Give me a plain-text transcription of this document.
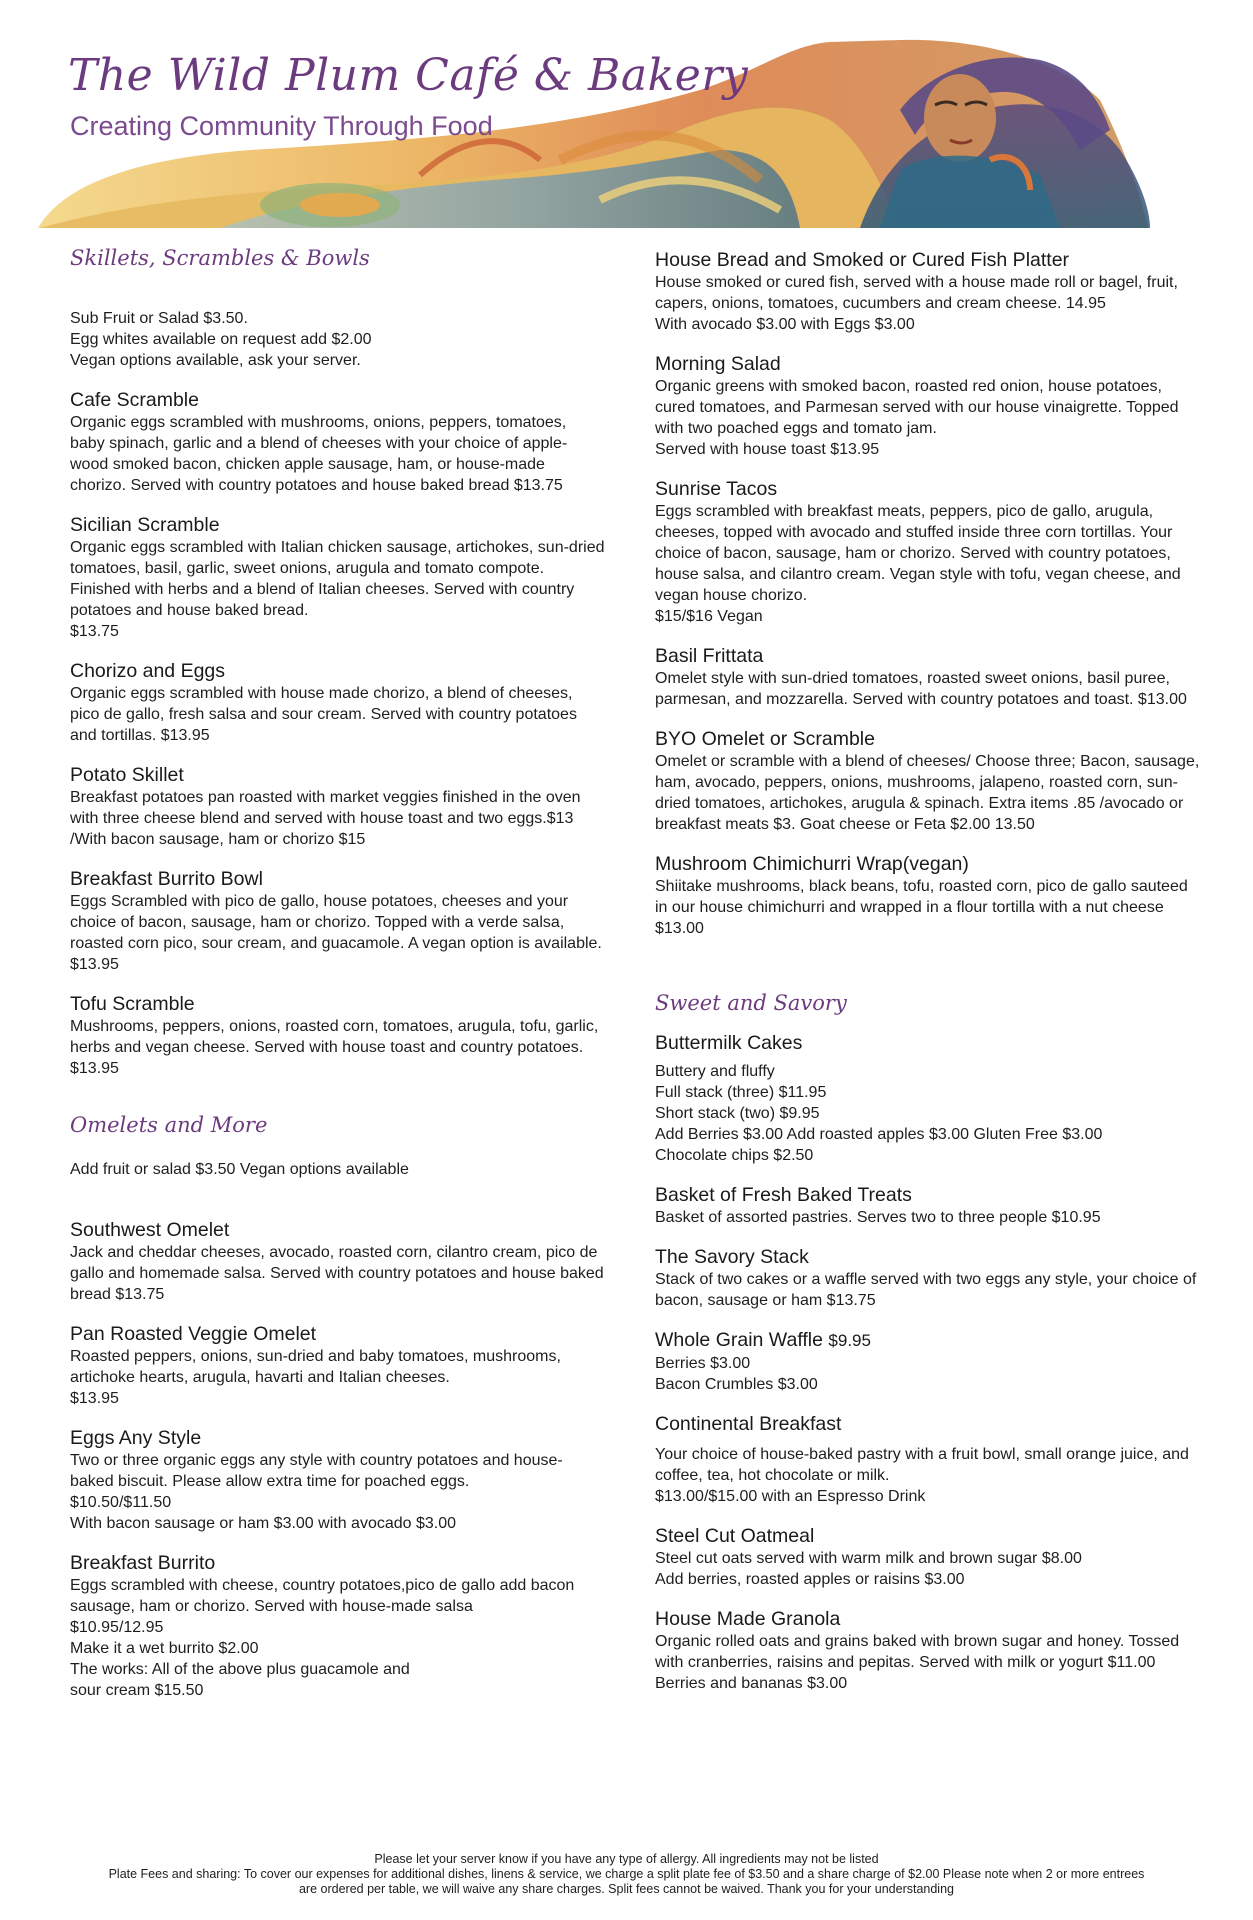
The Wild Plum Café & Bakery
Creating Community Through Food
Skillets, Scrambles & Bowls
Sub Fruit or Salad $3.50.
Egg whites available on request add $2.00
Vegan options available, ask your server.
Cafe Scramble

Organic eggs scrambled with mushrooms, onions, peppers, tomatoes, baby spinach, garlic and a blend of cheeses with your choice of apple-wood smoked bacon, chicken apple sausage, ham, or house-made chorizo. Served with country potatoes and house baked bread $13.75

Sicilian Scramble

Organic eggs scrambled with Italian chicken sausage, artichokes, sun-dried tomatoes, basil, garlic, sweet onions, arugula and tomato compote. Finished with herbs and a blend of Italian cheeses. Served with country potatoes and house baked bread.

$13.75

Chorizo and Eggs

Organic eggs scrambled with house made chorizo, a blend of cheeses, pico de gallo, fresh salsa and sour cream. Served with country potatoes and tortillas. $13.95

Potato Skillet

Breakfast potatoes pan roasted with market veggies finished in the oven with three cheese blend and served with house toast and two eggs.$13 /With bacon sausage, ham or chorizo $15

Breakfast Burrito Bowl

Eggs Scrambled with pico de gallo, house potatoes, cheeses and your choice of bacon, sausage, ham or chorizo. Topped with a verde salsa, roasted corn pico, sour cream, and guacamole. A vegan option is available. $13.95

Tofu Scramble

Mushrooms, peppers, onions, roasted corn, tomatoes, arugula, tofu, garlic, herbs and vegan cheese. Served with house toast and country potatoes. $13.95

Omelets and More
Add fruit or salad $3.50 Vegan options available
Southwest Omelet

Jack and cheddar cheeses, avocado, roasted corn, cilantro cream, pico de gallo and homemade salsa. Served with country potatoes and house baked bread $13.75

Pan Roasted Veggie Omelet

Roasted peppers, onions, sun-dried and baby tomatoes, mushrooms, artichoke hearts, arugula, havarti and Italian cheeses.

$13.95

Eggs Any Style

Two or three organic eggs any style with country potatoes and house-baked biscuit. Please allow extra time for poached eggs.

$10.50/$11.50

With bacon sausage or ham $3.00 with avocado $3.00

Breakfast Burrito

Eggs scrambled with cheese, country potatoes,pico de gallo add bacon sausage, ham or chorizo. Served with house-made salsa

$10.95/12.95

Make it a wet burrito $2.00

The works: All of the above plus guacamole and

sour cream $15.50

House Bread and Smoked or Cured Fish Platter

House smoked or cured fish, served with a house made roll or bagel, fruit, capers, onions, tomatoes, cucumbers and cream cheese. 14.95

With avocado $3.00 with Eggs $3.00

Morning Salad

Organic greens with smoked bacon, roasted red onion, house potatoes, cured tomatoes, and Parmesan served with our house vinaigrette. Topped with two poached eggs and tomato jam.

Served with house toast $13.95

Sunrise Tacos

Eggs scrambled with breakfast meats, peppers, pico de gallo, arugula, cheeses, topped with avocado and stuffed inside three corn tortillas. Your choice of bacon, sausage, ham or chorizo. Served with country potatoes, house salsa, and cilantro cream. Vegan style with tofu, vegan cheese, and vegan house chorizo.

$15/$16 Vegan

Basil Frittata

Omelet style with sun-dried tomatoes, roasted sweet onions, basil puree, parmesan, and mozzarella. Served with country potatoes and toast. $13.00

BYO Omelet or Scramble

Omelet or scramble with a blend of cheeses/ Choose three; Bacon, sausage, ham, avocado, peppers, onions, mushrooms, jalapeno, roasted corn, sun-dried tomatoes, artichokes, arugula & spinach. Extra items .85 /avocado or breakfast meats $3. Goat cheese or Feta $2.00 13.50

Mushroom Chimichurri Wrap(vegan)

Shiitake mushrooms, black beans, tofu, roasted corn, pico de gallo sauteed in our house chimichurri and wrapped in a flour tortilla with a nut cheese $13.00

Sweet and Savory
Buttermilk Cakes

Buttery and fluffy

Full stack (three) $11.95

Short stack (two) $9.95

Add Berries $3.00 Add roasted apples $3.00 Gluten Free $3.00

Chocolate chips $2.50

Basket of Fresh Baked Treats

Basket of assorted pastries. Serves two to three people $10.95

The Savory Stack

Stack of two cakes or a waffle served with two eggs any style, your choice of bacon, sausage or ham $13.75

Whole Grain Waffle $9.95

Berries $3.00

Bacon Crumbles $3.00

Continental Breakfast

Your choice of house-baked pastry with a fruit bowl, small orange juice, and coffee, tea, hot chocolate or milk.

$13.00/$15.00 with an Espresso Drink

Steel Cut Oatmeal

Steel cut oats served with warm milk and brown sugar $8.00

Add berries, roasted apples or raisins $3.00

House Made Granola

Organic rolled oats and grains baked with brown sugar and honey. Tossed with cranberries, raisins and pepitas. Served with milk or yogurt $11.00

Berries and bananas $3.00

Please let your server know if you have any type of allergy. All ingredients may not be listed
Plate Fees and sharing: To cover our expenses for additional dishes, linens & service, we charge a split plate fee of $3.50 and a share charge of $2.00 Please note when 2 or more entrees
are ordered per table, we will waive any share charges. Split fees cannot be waived. Thank you for your understanding
